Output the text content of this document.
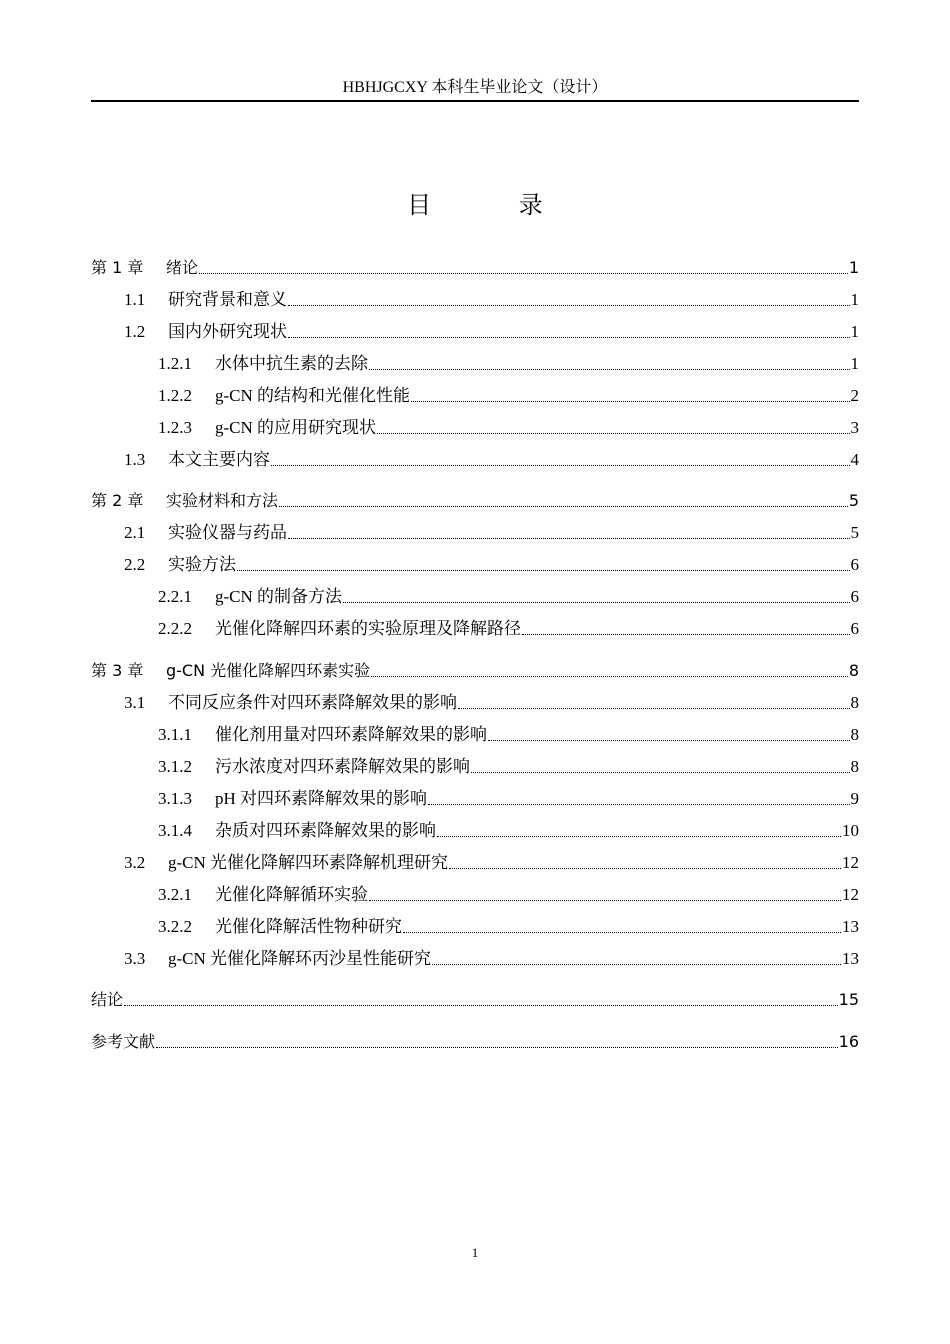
HBHJGCXY 本科生毕业论文（设计）
目 录
第 1 章	绪论	1
1.1	研究背景和意义	1
1.2	国内外研究现状	1
1.2.1	水体中抗生素的去除	1
1.2.2	g-CN 的结构和光催化性能	2
1.2.3	g-CN 的应用研究现状	3
1.3	本文主要内容	4
第 2 章	实验材料和方法	5
2.1	实验仪器与药品	5
2.2	实验方法	6
2.2.1	g-CN 的制备方法	6
2.2.2	光催化降解四环素的实验原理及降解路径	6
第 3 章	g-CN 光催化降解四环素实验	8
3.1	不同反应条件对四环素降解效果的影响	8
3.1.1	催化剂用量对四环素降解效果的影响	8
3.1.2	污水浓度对四环素降解效果的影响	8
3.1.3	pH 对四环素降解效果的影响	9
3.1.4	杂质对四环素降解效果的影响	10
3.2	g-CN 光催化降解四环素降解机理研究	12
3.2.1	光催化降解循环实验	12
3.2.2	光催化降解活性物种研究	13
3.3	g-CN 光催化降解环丙沙星性能研究	13
结论	15
参考文献	16
1
